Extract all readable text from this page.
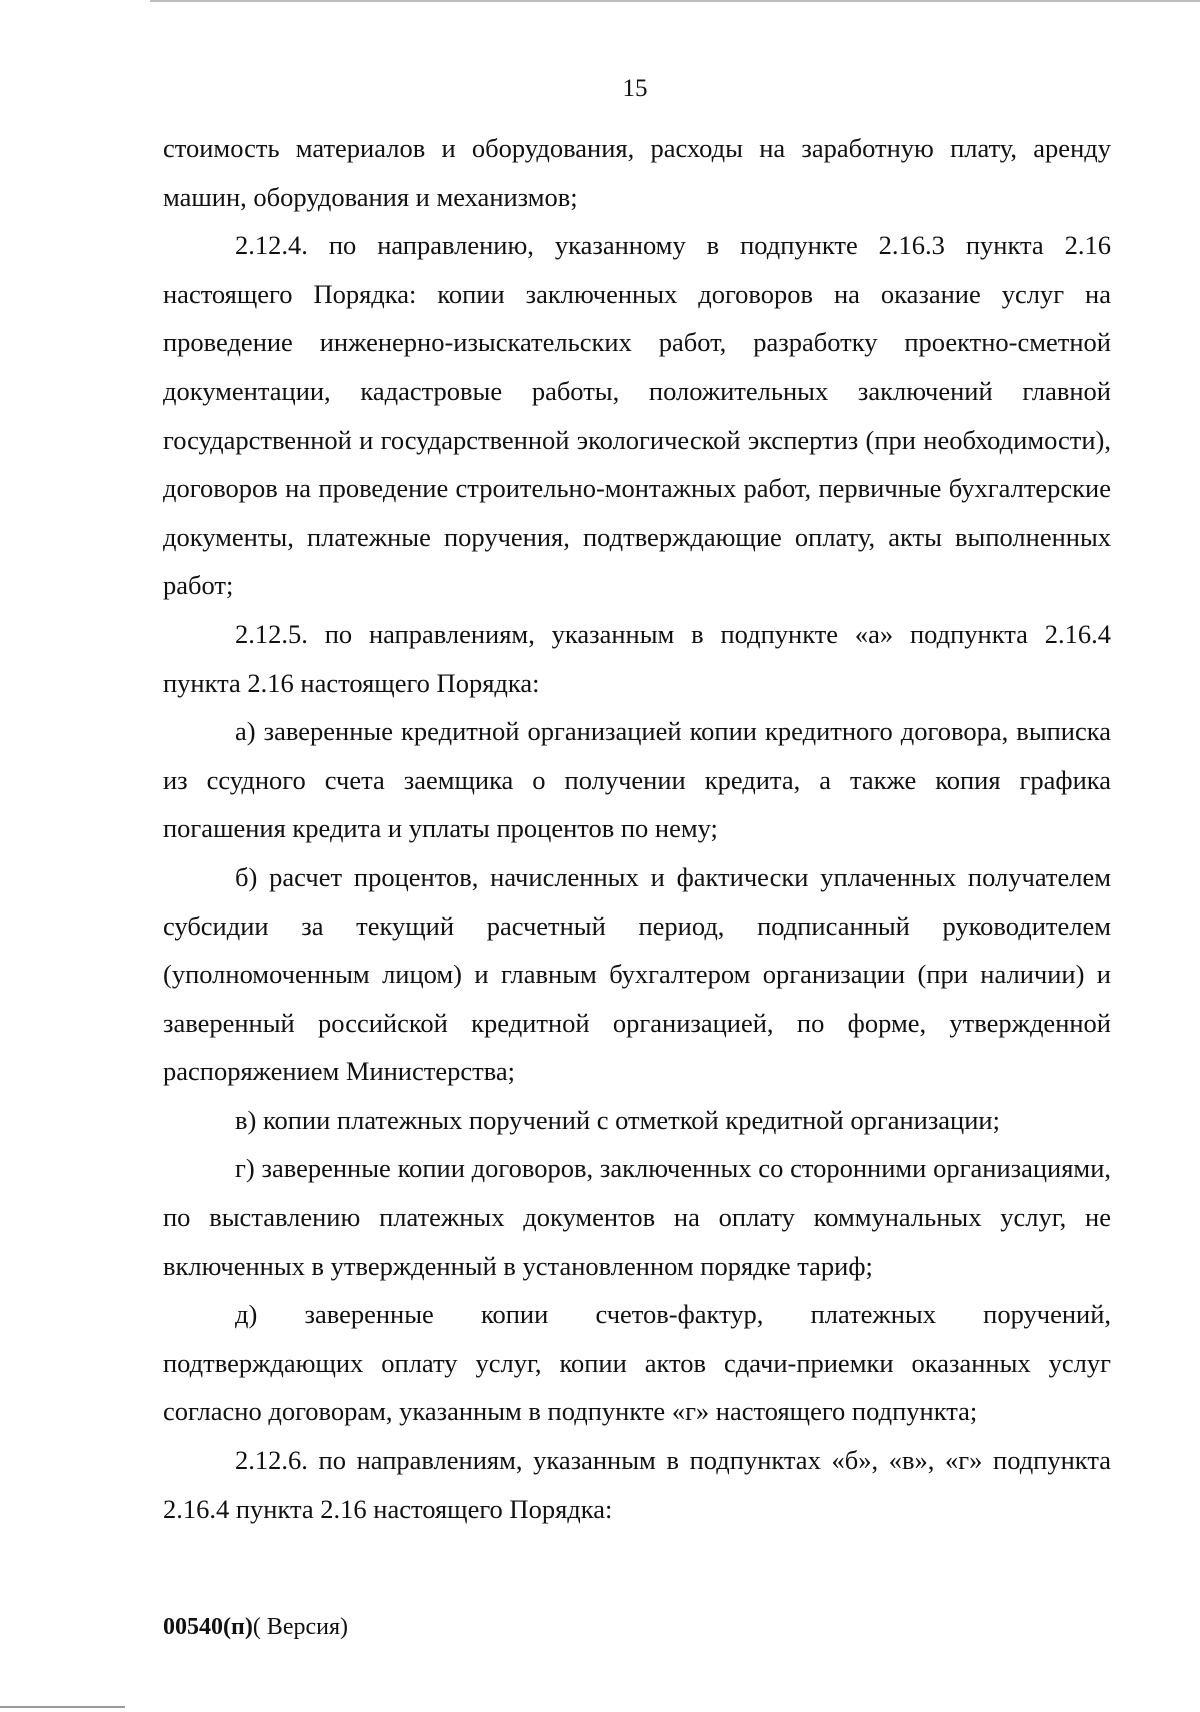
15

стоимость материалов и оборудования, расходы на заработную плату, аренду машин, оборудования и механизмов;

2.12.4. по направлению, указанному в подпункте 2.16.3 пункта 2.16 настоящего Порядка: копии заключенных договоров на оказание услуг на проведение инженерно-изыскательских работ, разработку проектно-сметной документации, кадастровые работы, положительных заключений главной государственной и государственной экологической экспертиз (при необходимости), договоров на проведение строительно-монтажных работ, первичные бухгалтерские документы, платежные поручения, подтверждающие оплату, акты выполненных работ;

2.12.5. по направлениям, указанным в подпункте «а» подпункта 2.16.4 пункта 2.16 настоящего Порядка:

а) заверенные кредитной организацией копии кредитного договора, выписка из ссудного счета заемщика о получении кредита, а также копия графика погашения кредита и уплаты процентов по нему;

б) расчет процентов, начисленных и фактически уплаченных получателем субсидии за текущий расчетный период, подписанный руководителем (уполномоченным лицом) и главным бухгалтером организации (при наличии) и заверенный российской кредитной организацией, по форме, утвержденной распоряжением Министерства;

в) копии платежных поручений с отметкой кредитной организации;

г) заверенные копии договоров, заключенных со сторонними организациями, по выставлению платежных документов на оплату коммунальных услуг, не включенных в утвержденный в установленном порядке тариф;

д) заверенные копии счетов-фактур, платежных поручений, подтверждающих оплату услуг, копии актов сдачи-приемки оказанных услуг согласно договорам, указанным в подпункте «г» настоящего подпункта;

2.12.6. по направлениям, указанным в подпунктах «б», «в», «г» подпункта 2.16.4 пункта 2.16 настоящего Порядка:

00540(п)( Версия)
